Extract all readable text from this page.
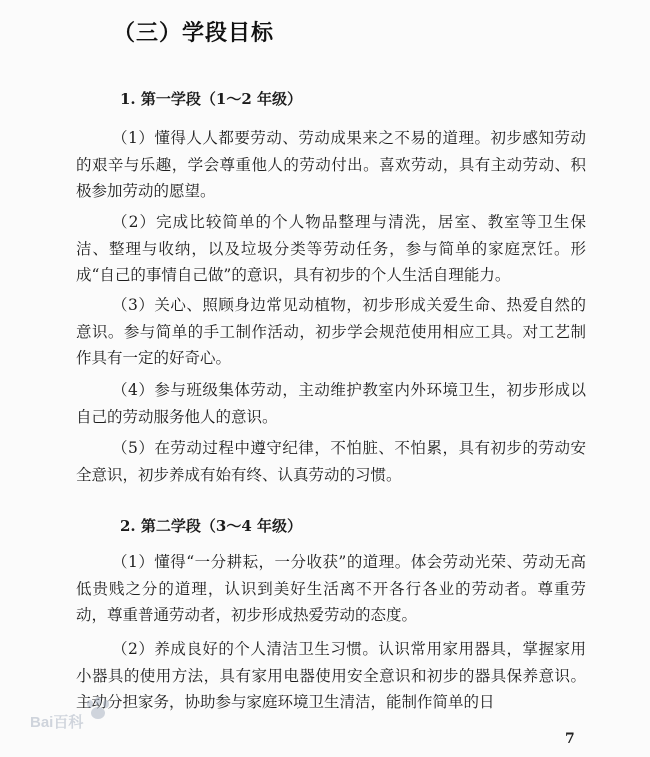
（三）学段目标
1. 第一学段（1～2 年级）

（1）懂得人人都要劳动、劳动成果来之不易的道理。初步感知劳动的艰辛与乐趣，学会尊重他人的劳动付出。喜欢劳动，具有主动劳动、积极参加劳动的愿望。

（2）完成比较简单的个人物品整理与清洗，居室、教室等卫生保洁、整理与收纳，以及垃圾分类等劳动任务，参与简单的家庭烹饪。形成“自己的事情自己做”的意识，具有初步的个人生活自理能力。

（3）关心、照顾身边常见动植物，初步形成关爱生命、热爱自然的意识。参与简单的手工制作活动，初步学会规范使用相应工具。对工艺制作具有一定的好奇心。

（4）参与班级集体劳动，主动维护教室内外环境卫生，初步形成以自己的劳动服务他人的意识。

（5）在劳动过程中遵守纪律，不怕脏、不怕累，具有初步的劳动安全意识，初步养成有始有终、认真劳动的习惯。

2. 第二学段（3～4 年级）

（1）懂得“一分耕耘，一分收获”的道理。体会劳动光荣、劳动无高低贵贱之分的道理，认识到美好生活离不开各行各业的劳动者。尊重劳动，尊重普通劳动者，初步形成热爱劳动的态度。

（2）养成良好的个人清洁卫生习惯。认识常用家用器具，掌握家用小器具的使用方法，具有家用电器使用安全意识和初步的器具保养意识。主动分担家务，协助参与家庭环境卫生清洁，能制作简单的日

Bai百科
7
